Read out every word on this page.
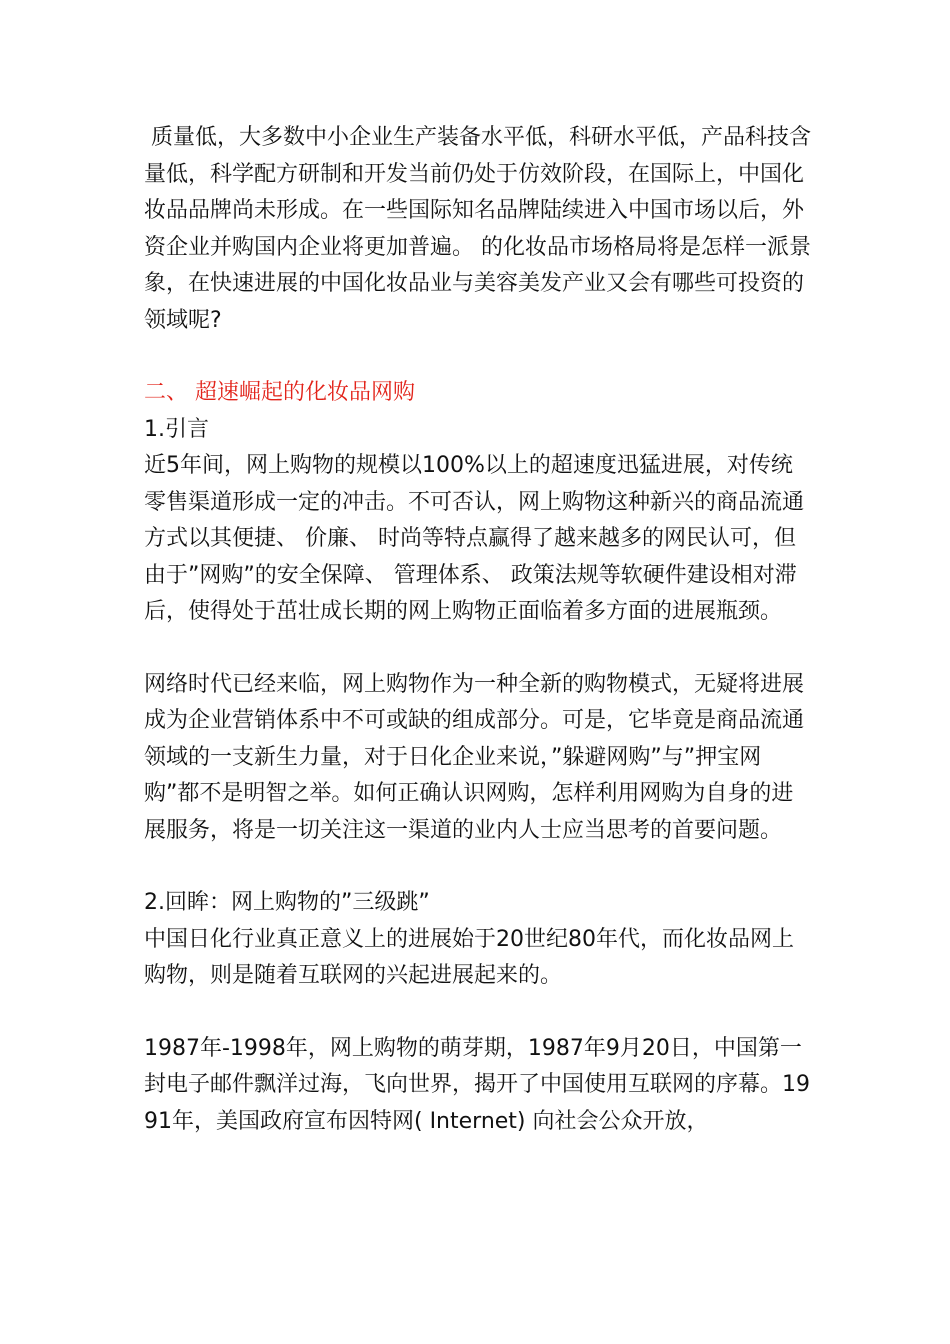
质量低，大多数中小企业生产装备水平低，科研水平低，产品科技含量低，科学配方研制和开发当前仍处于仿效阶段，在国际上，中国化妆品品牌尚未形成。在一些国际知名品牌陆续进入中国市场以后，外资企业并购国内企业将更加普遍。 的化妆品市场格局将是怎样一派景象，在快速进展的中国化妆品业与美容美发产业又会有哪些可投资的领域呢?

二、 超速崛起的化妆品网购

1.引言

近5年间，网上购物的规模以100%以上的超速度迅猛进展，对传统零售渠道形成一定的冲击。不可否认，网上购物这种新兴的商品流通方式以其便捷、 价廉、 时尚等特点赢得了越来越多的网民认可，但由于”网购”的安全保障、 管理体系、 政策法规等软硬件建设相对滞后，使得处于茁壮成长期的网上购物正面临着多方面的进展瓶颈。

网络时代已经来临，网上购物作为一种全新的购物模式，无疑将进展成为企业营销体系中不可或缺的组成部分。可是，它毕竟是商品流通领域的一支新生力量，对于日化企业来说，”躲避网购”与”押宝网购”都不是明智之举。如何正确认识网购，怎样利用网购为自身的进展服务，将是一切关注这一渠道的业内人士应当思考的首要问题。

2.回眸：网上购物的”三级跳”

中国日化行业真正意义上的进展始于20世纪80年代，而化妆品网上购物，则是随着互联网的兴起进展起来的。

1987年-1998年，网上购物的萌芽期，1987年9月20日，中国第一封电子邮件飘洋过海，飞向世界，揭开了中国使用互联网的序幕。1991年，美国政府宣布因特网( Internet) 向社会公众开放，
